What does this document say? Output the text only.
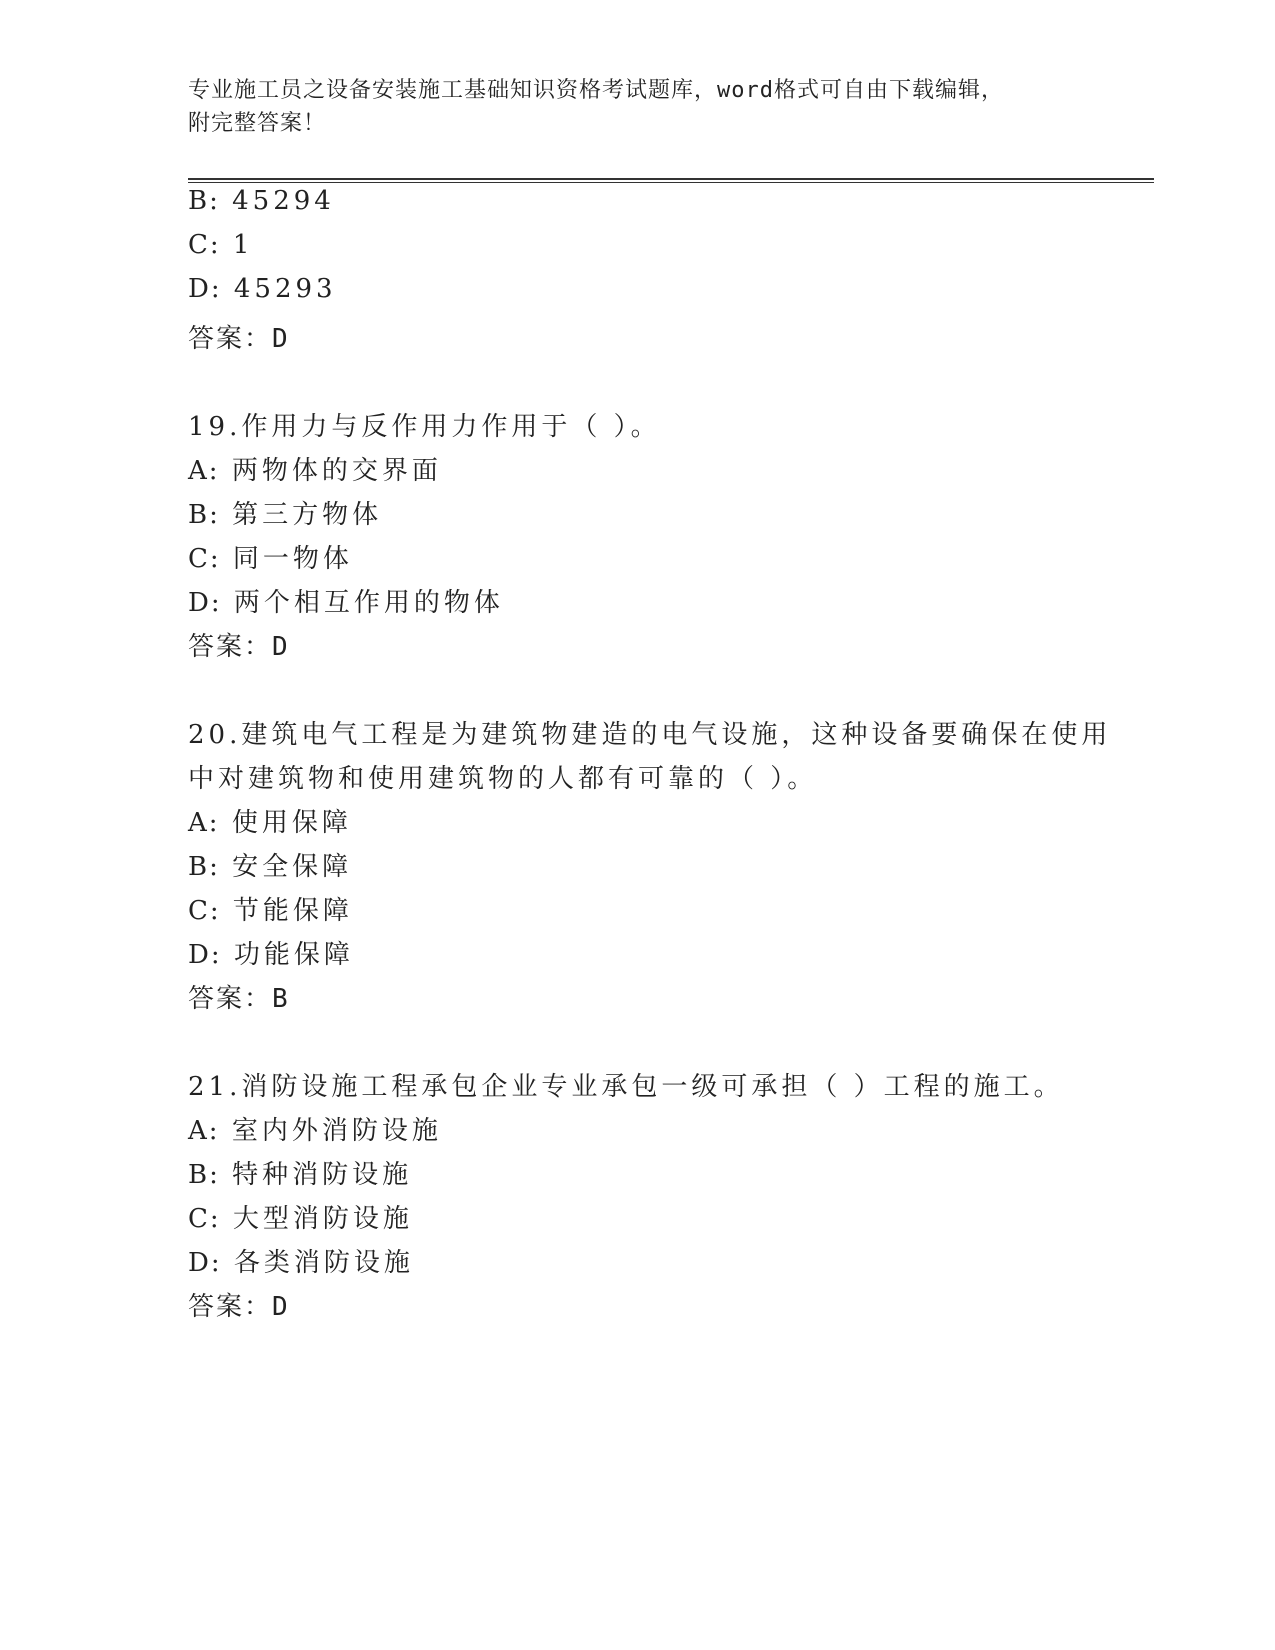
专业施工员之设备安装施工基础知识资格考试题库，word格式可自由下载编辑，
附完整答案！
B: 45294
C: 1
D: 45293
答案：D
19.作用力与反作用力作用于（ ）。
A: 两物体的交界面
B: 第三方物体
C: 同一物体
D: 两个相互作用的物体
答案：D
20.建筑电气工程是为建筑物建造的电气设施，这种设备要确保在使用
中对建筑物和使用建筑物的人都有可靠的（ ）。
A: 使用保障
B: 安全保障
C: 节能保障
D: 功能保障
答案：B
21.消防设施工程承包企业专业承包一级可承担（ ）工程的施工。
A: 室内外消防设施
B: 特种消防设施
C: 大型消防设施
D: 各类消防设施
答案：D
